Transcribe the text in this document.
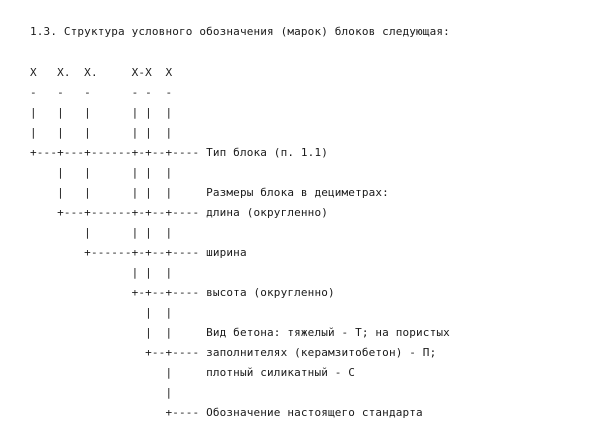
1.3. Структура условного обозначения (марок) блоков следующая:
X   X.  X.     X-X  X
-   -   -      - -  -
|   |   |      | |  |
|   |   |      | |  |
+---+---+------+-+--+---- Тип блока (п. 1.1)
|   |      | |  |
|   |      | |  |     Размеры блока в дециметрах:
+---+------+-+--+---- длина (округленно)
|      | |  |
+------+-+--+---- ширина
| |  |
+-+--+---- высота (округленно)
|  |
|  |     Вид бетона: тяжелый - Т; на пористых
+--+---- заполнителях (керамзитобетон) - П;
|     плотный силикатный - С
|
+---- Обозначение настоящего стандарта
